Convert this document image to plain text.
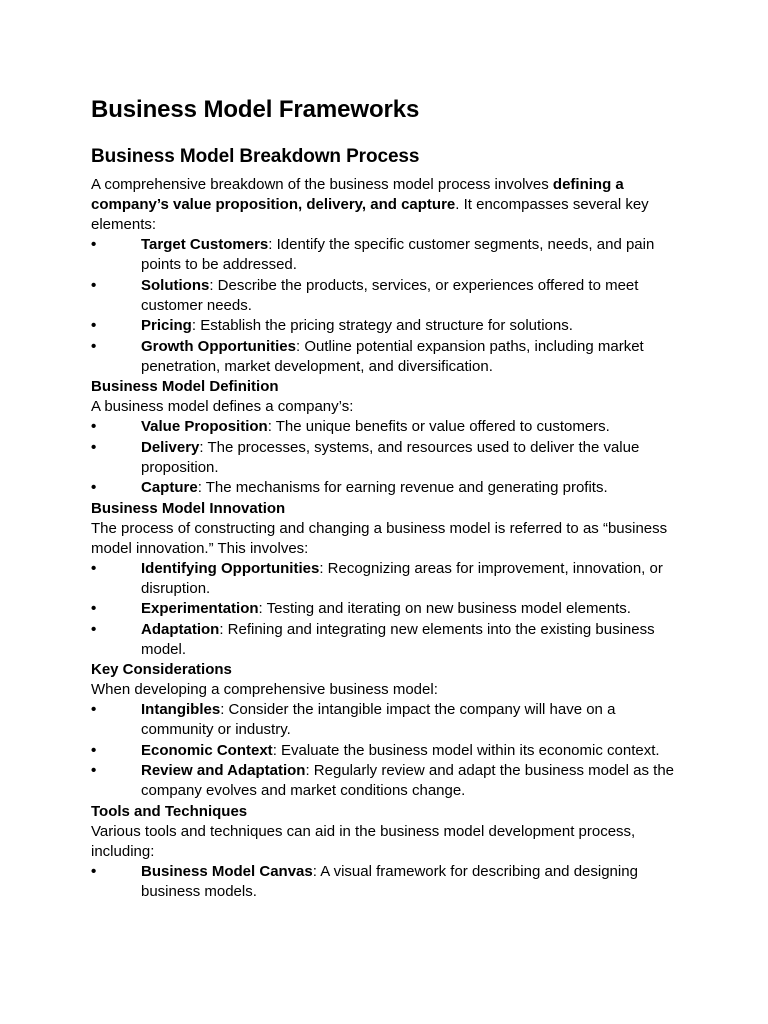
Business Model Frameworks
Business Model Breakdown Process

A comprehensive breakdown of the business model process involves defining a company’s value proposition, delivery, and capture. It encompasses several key elements:

•	Target Customers: Identify the specific customer segments, needs, and pain points to be addressed.
•	Solutions: Describe the products, services, or experiences offered to meet customer needs.
•	Pricing: Establish the pricing strategy and structure for solutions.
•	Growth Opportunities: Outline potential expansion paths, including market penetration, market development, and diversification.

Business Model Definition

A business model defines a company’s:

•	Value Proposition: The unique benefits or value offered to customers.
•	Delivery: The processes, systems, and resources used to deliver the value proposition.
•	Capture: The mechanisms for earning revenue and generating profits.

Business Model Innovation

The process of constructing and changing a business model is referred to as “business model innovation.” This involves:

•	Identifying Opportunities: Recognizing areas for improvement, innovation, or disruption.
•	Experimentation: Testing and iterating on new business model elements.
•	Adaptation: Refining and integrating new elements into the existing business model.

Key Considerations

When developing a comprehensive business model:

•	Intangibles: Consider the intangible impact the company will have on a community or industry.
•	Economic Context: Evaluate the business model within its economic context.
•	Review and Adaptation: Regularly review and adapt the business model as the company evolves and market conditions change.

Tools and Techniques

Various tools and techniques can aid in the business model development process, including:

•	Business Model Canvas: A visual framework for describing and designing business models.
